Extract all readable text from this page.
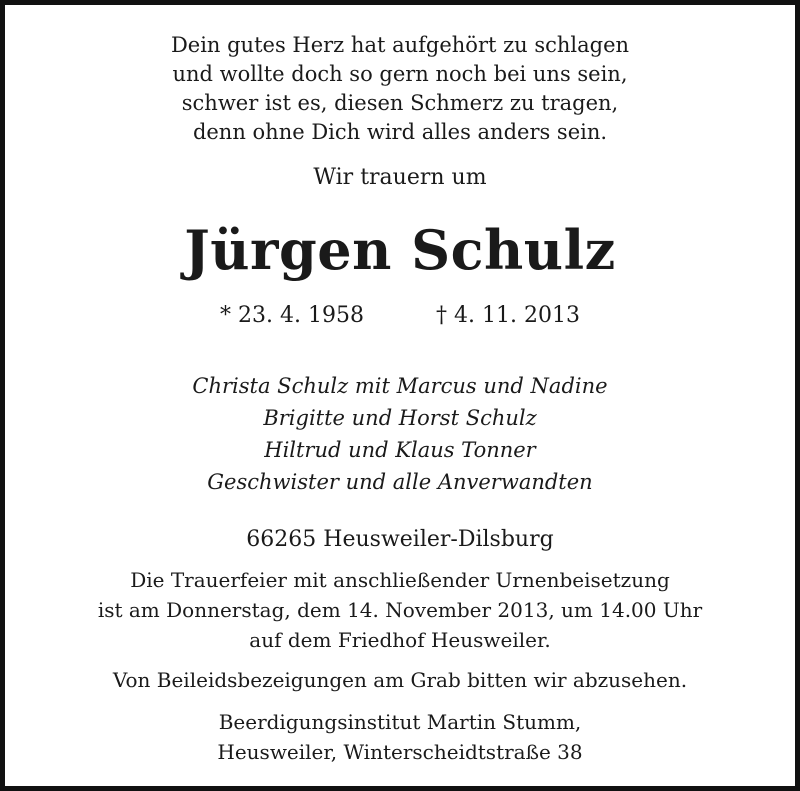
Dein gutes Herz hat aufgehört zu schlagen
und wollte doch so gern noch bei uns sein,
schwer ist es, diesen Schmerz zu tragen,
denn ohne Dich wird alles anders sein.
Wir trauern um
Jürgen Schulz
* 23. 4. 1958	† 4. 11. 2013
Christa Schulz mit Marcus und Nadine
Brigitte und Horst Schulz
Hiltrud und Klaus Tonner
Geschwister und alle Anverwandten
66265 Heusweiler-Dilsburg
Die Trauerfeier mit anschließender Urnenbeisetzung
ist am Donnerstag, dem 14. November 2013, um 14.00 Uhr
auf dem Friedhof Heusweiler.
Von Beileidsbezeigungen am Grab bitten wir abzusehen.
Beerdigungsinstitut Martin Stumm,
Heusweiler, Winterscheidtstraße 38
